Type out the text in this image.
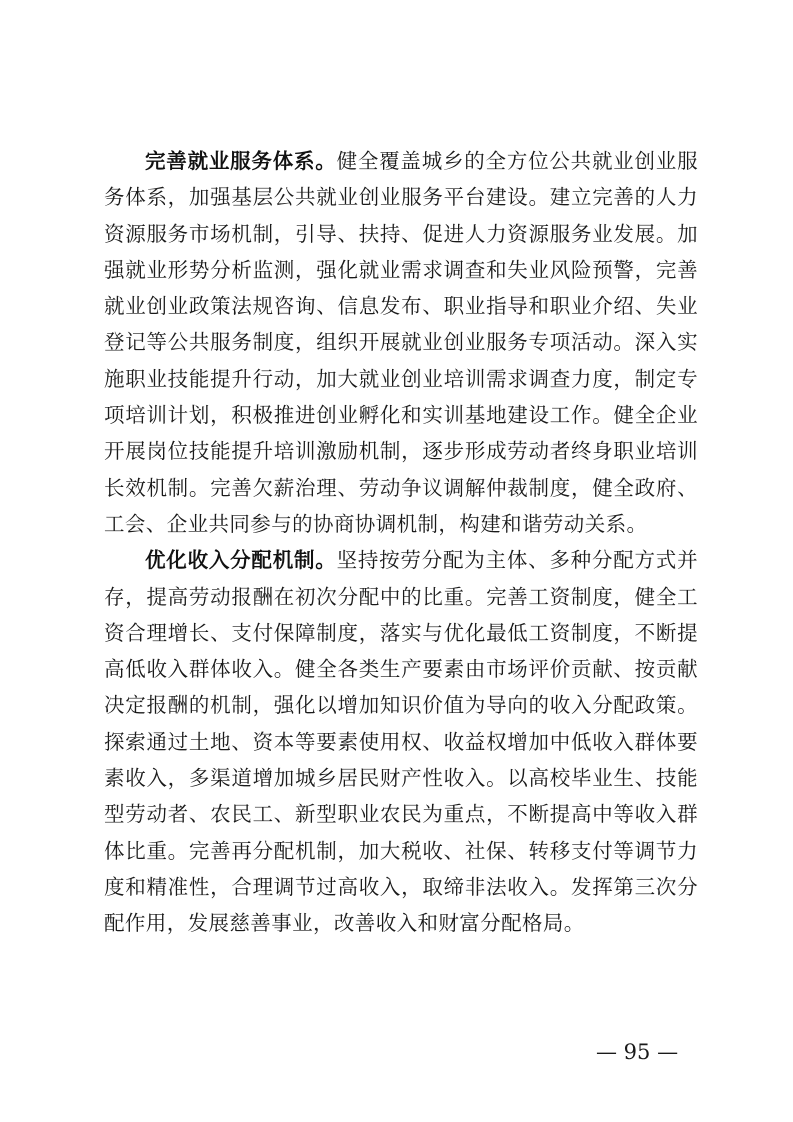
完善就业服务体系。健全覆盖城乡的全方位公共就业创业服务体系，加强基层公共就业创业服务平台建设。建立完善的人力资源服务市场机制，引导、扶持、促进人力资源服务业发展。加强就业形势分析监测，强化就业需求调查和失业风险预警，完善就业创业政策法规咨询、信息发布、职业指导和职业介绍、失业登记等公共服务制度，组织开展就业创业服务专项活动。深入实施职业技能提升行动，加大就业创业培训需求调查力度，制定专项培训计划，积极推进创业孵化和实训基地建设工作。健全企业开展岗位技能提升培训激励机制，逐步形成劳动者终身职业培训长效机制。完善欠薪治理、劳动争议调解仲裁制度，健全政府、工会、企业共同参与的协商协调机制，构建和谐劳动关系。

优化收入分配机制。坚持按劳分配为主体、多种分配方式并存，提高劳动报酬在初次分配中的比重。完善工资制度，健全工资合理增长、支付保障制度，落实与优化最低工资制度，不断提高低收入群体收入。健全各类生产要素由市场评价贡献、按贡献决定报酬的机制，强化以增加知识价值为导向的收入分配政策。探索通过土地、资本等要素使用权、收益权增加中低收入群体要素收入，多渠道增加城乡居民财产性收入。以高校毕业生、技能型劳动者、农民工、新型职业农民为重点，不断提高中等收入群体比重。完善再分配机制，加大税收、社保、转移支付等调节力度和精准性，合理调节过高收入，取缔非法收入。发挥第三次分配作用，发展慈善事业，改善收入和财富分配格局。

— 95 —
